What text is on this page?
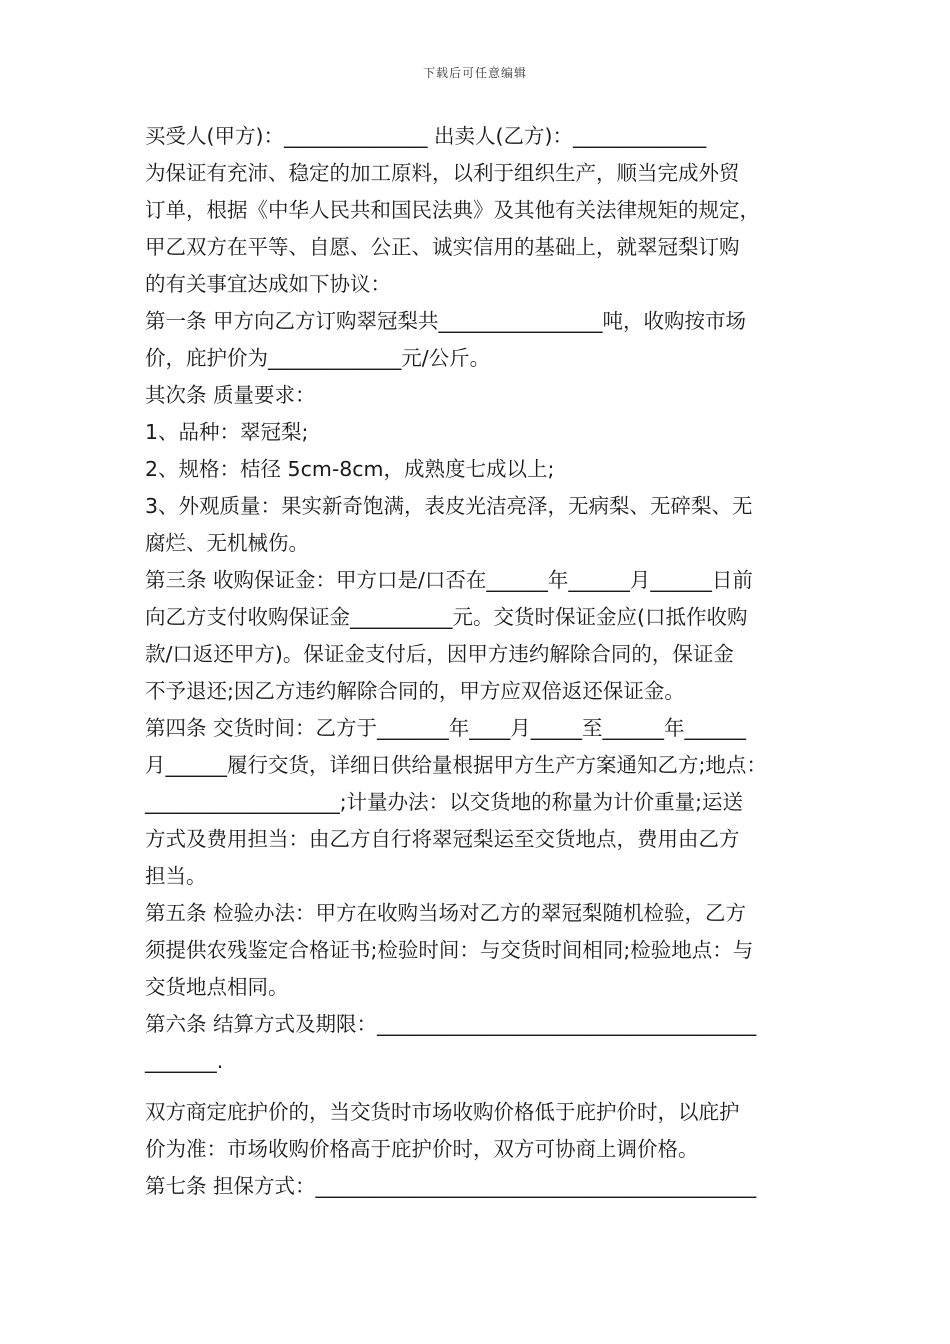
下载后可任意编辑
买受人(甲方)：______________ 出卖人(乙方)：_____________
为保证有充沛、稳定的加工原料，以利于组织生产，顺当完成外贸
订单，根据《中华人民共和国民法典》及其他有关法律规矩的规定，
甲乙双方在平等、自愿、公正、诚实信用的基础上，就翠冠梨订购
的有关事宜达成如下协议：
第一条 甲方向乙方订购翠冠梨共________________吨，收购按市场
价，庇护价为_____________元/公斤。
其次条 质量要求：
1、品种：翠冠梨;
2、规格：桔径 5cm-8cm，成熟度七成以上;
3、外观质量：果实新奇饱满，表皮光洁亮泽，无病梨、无碎梨、无
腐烂、无机械伤。
第三条 收购保证金：甲方口是/口否在______年______月______日前
向乙方支付收购保证金__________元。交货时保证金应(口抵作收购
款/口返还甲方)。保证金支付后，因甲方违约解除合同的，保证金
不予退还;因乙方违约解除合同的，甲方应双倍返还保证金。
第四条 交货时间：乙方于_______年____月_____至______年______
月______履行交货，详细日供给量根据甲方生产方案通知乙方;地点：
___________________;计量办法：以交货地的称量为计价重量;运送
方式及费用担当：由乙方自行将翠冠梨运至交货地点，费用由乙方
担当。
第五条 检验办法：甲方在收购当场对乙方的翠冠梨随机检验，乙方
须提供农残鉴定合格证书;检验时间：与交货时间相同;检验地点：与
交货地点相同。
第六条 结算方式及期限：_____________________________________
_______.
双方商定庇护价的，当交货时市场收购价格低于庇护价时，以庇护
价为准：市场收购价格高于庇护价时，双方可协商上调价格。
第七条 担保方式：___________________________________________
